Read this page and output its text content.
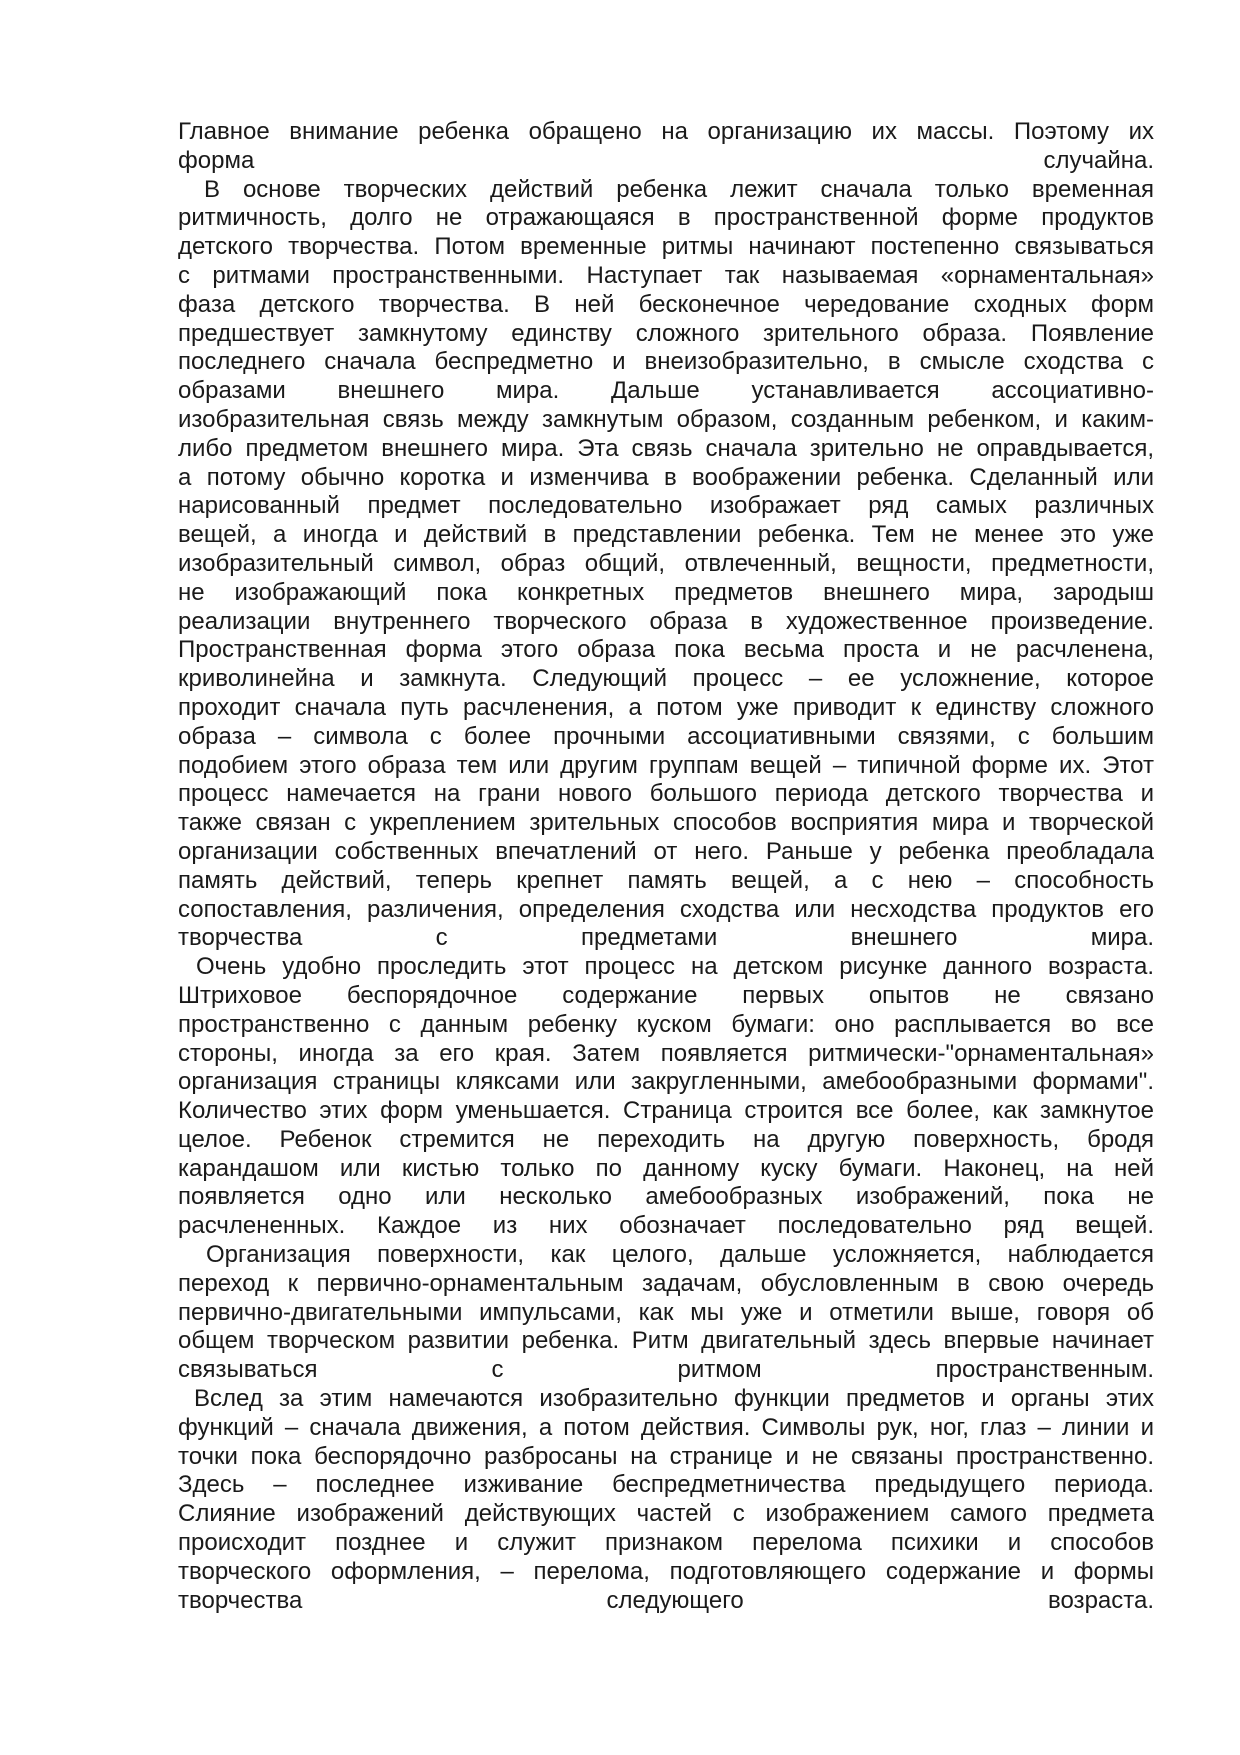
Главное внимание ребенка обращено на организацию их массы. Поэтому их
форма случайна.
В основе творческих действий ребенка лежит сначала только временная
ритмичность, долго не отражающаяся в пространственной форме продуктов
детского творчества. Потом временные ритмы начинают постепенно связываться
с ритмами пространственными. Наступает так называемая «орнаментальная»
фаза детского творчества. В ней бесконечное чередование сходных форм
предшествует замкнутому единству сложного зрительного образа. Появление
последнего сначала беспредметно и внеизобразительно, в смысле сходства с
образами внешнего мира. Дальше устанавливается ассоциативно-
изобразительная связь между замкнутым образом, созданным ребенком, и каким-
либо предметом внешнего мира. Эта связь сначала зрительно не оправдывается,
а потому обычно коротка и изменчива в воображении ребенка. Сделанный или
нарисованный предмет последовательно изображает ряд самых различных
вещей, а иногда и действий в представлении ребенка. Тем не менее это уже
изобразительный символ, образ общий, отвлеченный, вещности, предметности,
не изображающий пока конкретных предметов внешнего мира, зародыш
реализации внутреннего творческого образа в художественное произведение.
Пространственная форма этого образа пока весьма проста и не расчленена,
криволинейна и замкнута. Следующий процесс – ее усложнение, которое
проходит сначала путь расчленения, а потом уже приводит к единству сложного
образа – символа с более прочными ассоциативными связями, с большим
подобием этого образа тем или другим группам вещей – типичной форме их. Этот
процесс намечается на грани нового большого периода детского творчества и
также связан с укреплением зрительных способов восприятия мира и творческой
организации собственных впечатлений от него. Раньше у ребенка преобладала
память действий, теперь крепнет память вещей, а с нею – способность
сопоставления, различения, определения сходства или несходства продуктов его
творчества с предметами внешнего мира.
Очень удобно проследить этот процесс на детском рисунке данного возраста.
Штриховое беспорядочное содержание первых опытов не связано
пространственно с данным ребенку куском бумаги: оно расплывается во все
стороны, иногда за его края. Затем появляется ритмически-"орнаментальная»
организация страницы кляксами или закругленными, амебообразными формами".
Количество этих форм уменьшается. Страница строится все более, как замкнутое
целое. Ребенок стремится не переходить на другую поверхность, бродя
карандашом или кистью только по данному куску бумаги. Наконец, на ней
появляется одно или несколько амебообразных изображений, пока не
расчлененных. Каждое из них обозначает последовательно ряд вещей.
Организация поверхности, как целого, дальше усложняется, наблюдается
переход к первично-орнаментальным задачам, обусловленным в свою очередь
первично-двигательными импульсами, как мы уже и отметили выше, говоря об
общем творческом развитии ребенка. Ритм двигательный здесь впервые начинает
связываться с ритмом пространственным.
Вслед за этим намечаются изобразительно функции предметов и органы этих
функций – сначала движения, а потом действия. Символы рук, ног, глаз – линии и
точки пока беспорядочно разбросаны на странице и не связаны пространственно.
Здесь – последнее изживание беспредметничества предыдущего периода.
Слияние изображений действующих частей с изображением самого предмета
происходит позднее и служит признаком перелома психики и способов
творческого оформления, – перелома, подготовляющего содержание и формы
творчества следующего возраста.
